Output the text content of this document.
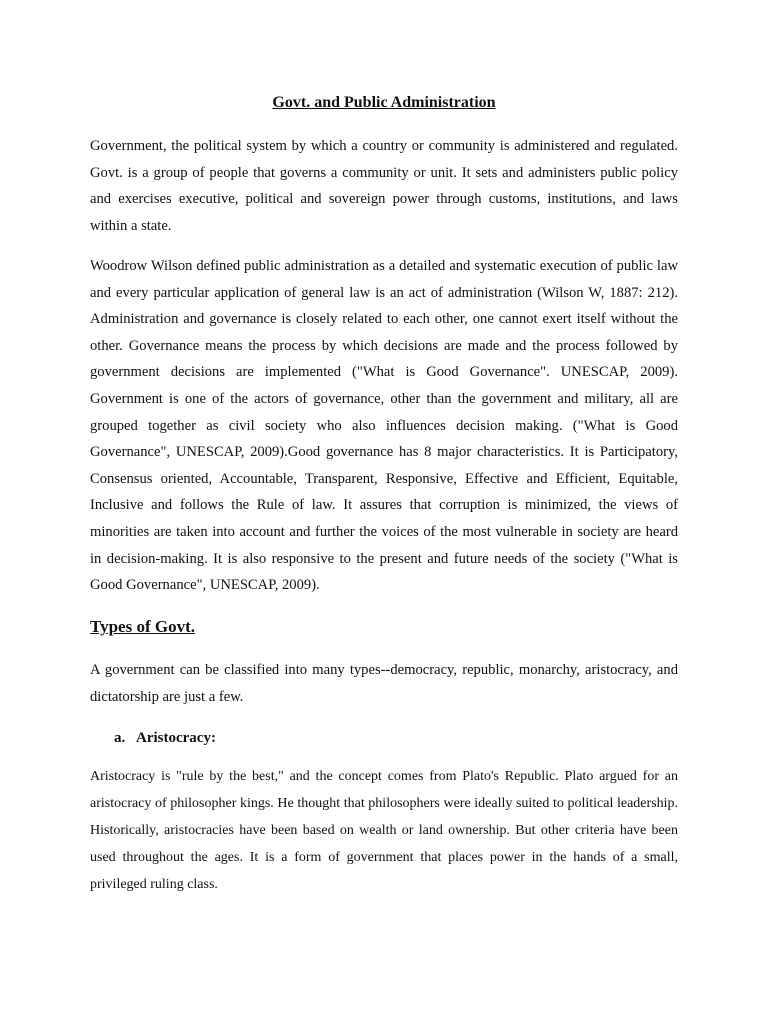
Govt. and Public Administration

Government, the political system by which a country or community is administered and regulated. Govt. is a group of people that governs a community or unit. It sets and administers public policy and exercises executive, political and sovereign power through customs, institutions, and laws within a state.

Woodrow Wilson defined public administration as a detailed and systematic execution of public law and every particular application of general law is an act of administration (Wilson W, 1887: 212). Administration and governance is closely related to each other, one cannot exert itself without the other. Governance means the process by which decisions are made and the process followed by government decisions are implemented ("What is Good Governance". UNESCAP, 2009). Government is one of the actors of governance, other than the government and military, all are grouped together as civil society who also influences decision making. ("What is Good Governance", UNESCAP, 2009).Good governance has 8 major characteristics. It is Participatory, Consensus oriented, Accountable, Transparent, Responsive, Effective and Efficient, Equitable, Inclusive and follows the Rule of law. It assures that corruption is minimized, the views of minorities are taken into account and further the voices of the most vulnerable in society are heard in decision-making. It is also responsive to the present and future needs of the society ("What is Good Governance", UNESCAP, 2009).

Types of Govt.

A government can be classified into many types--democracy, republic, monarchy, aristocracy, and dictatorship are just a few.

a. Aristocracy:

Aristocracy is "rule by the best," and the concept comes from Plato's Republic. Plato argued for an aristocracy of philosopher kings. He thought that philosophers were ideally suited to political leadership. Historically, aristocracies have been based on wealth or land ownership. But other criteria have been used throughout the ages. It is a form of government that places power in the hands of a small, privileged ruling class.
